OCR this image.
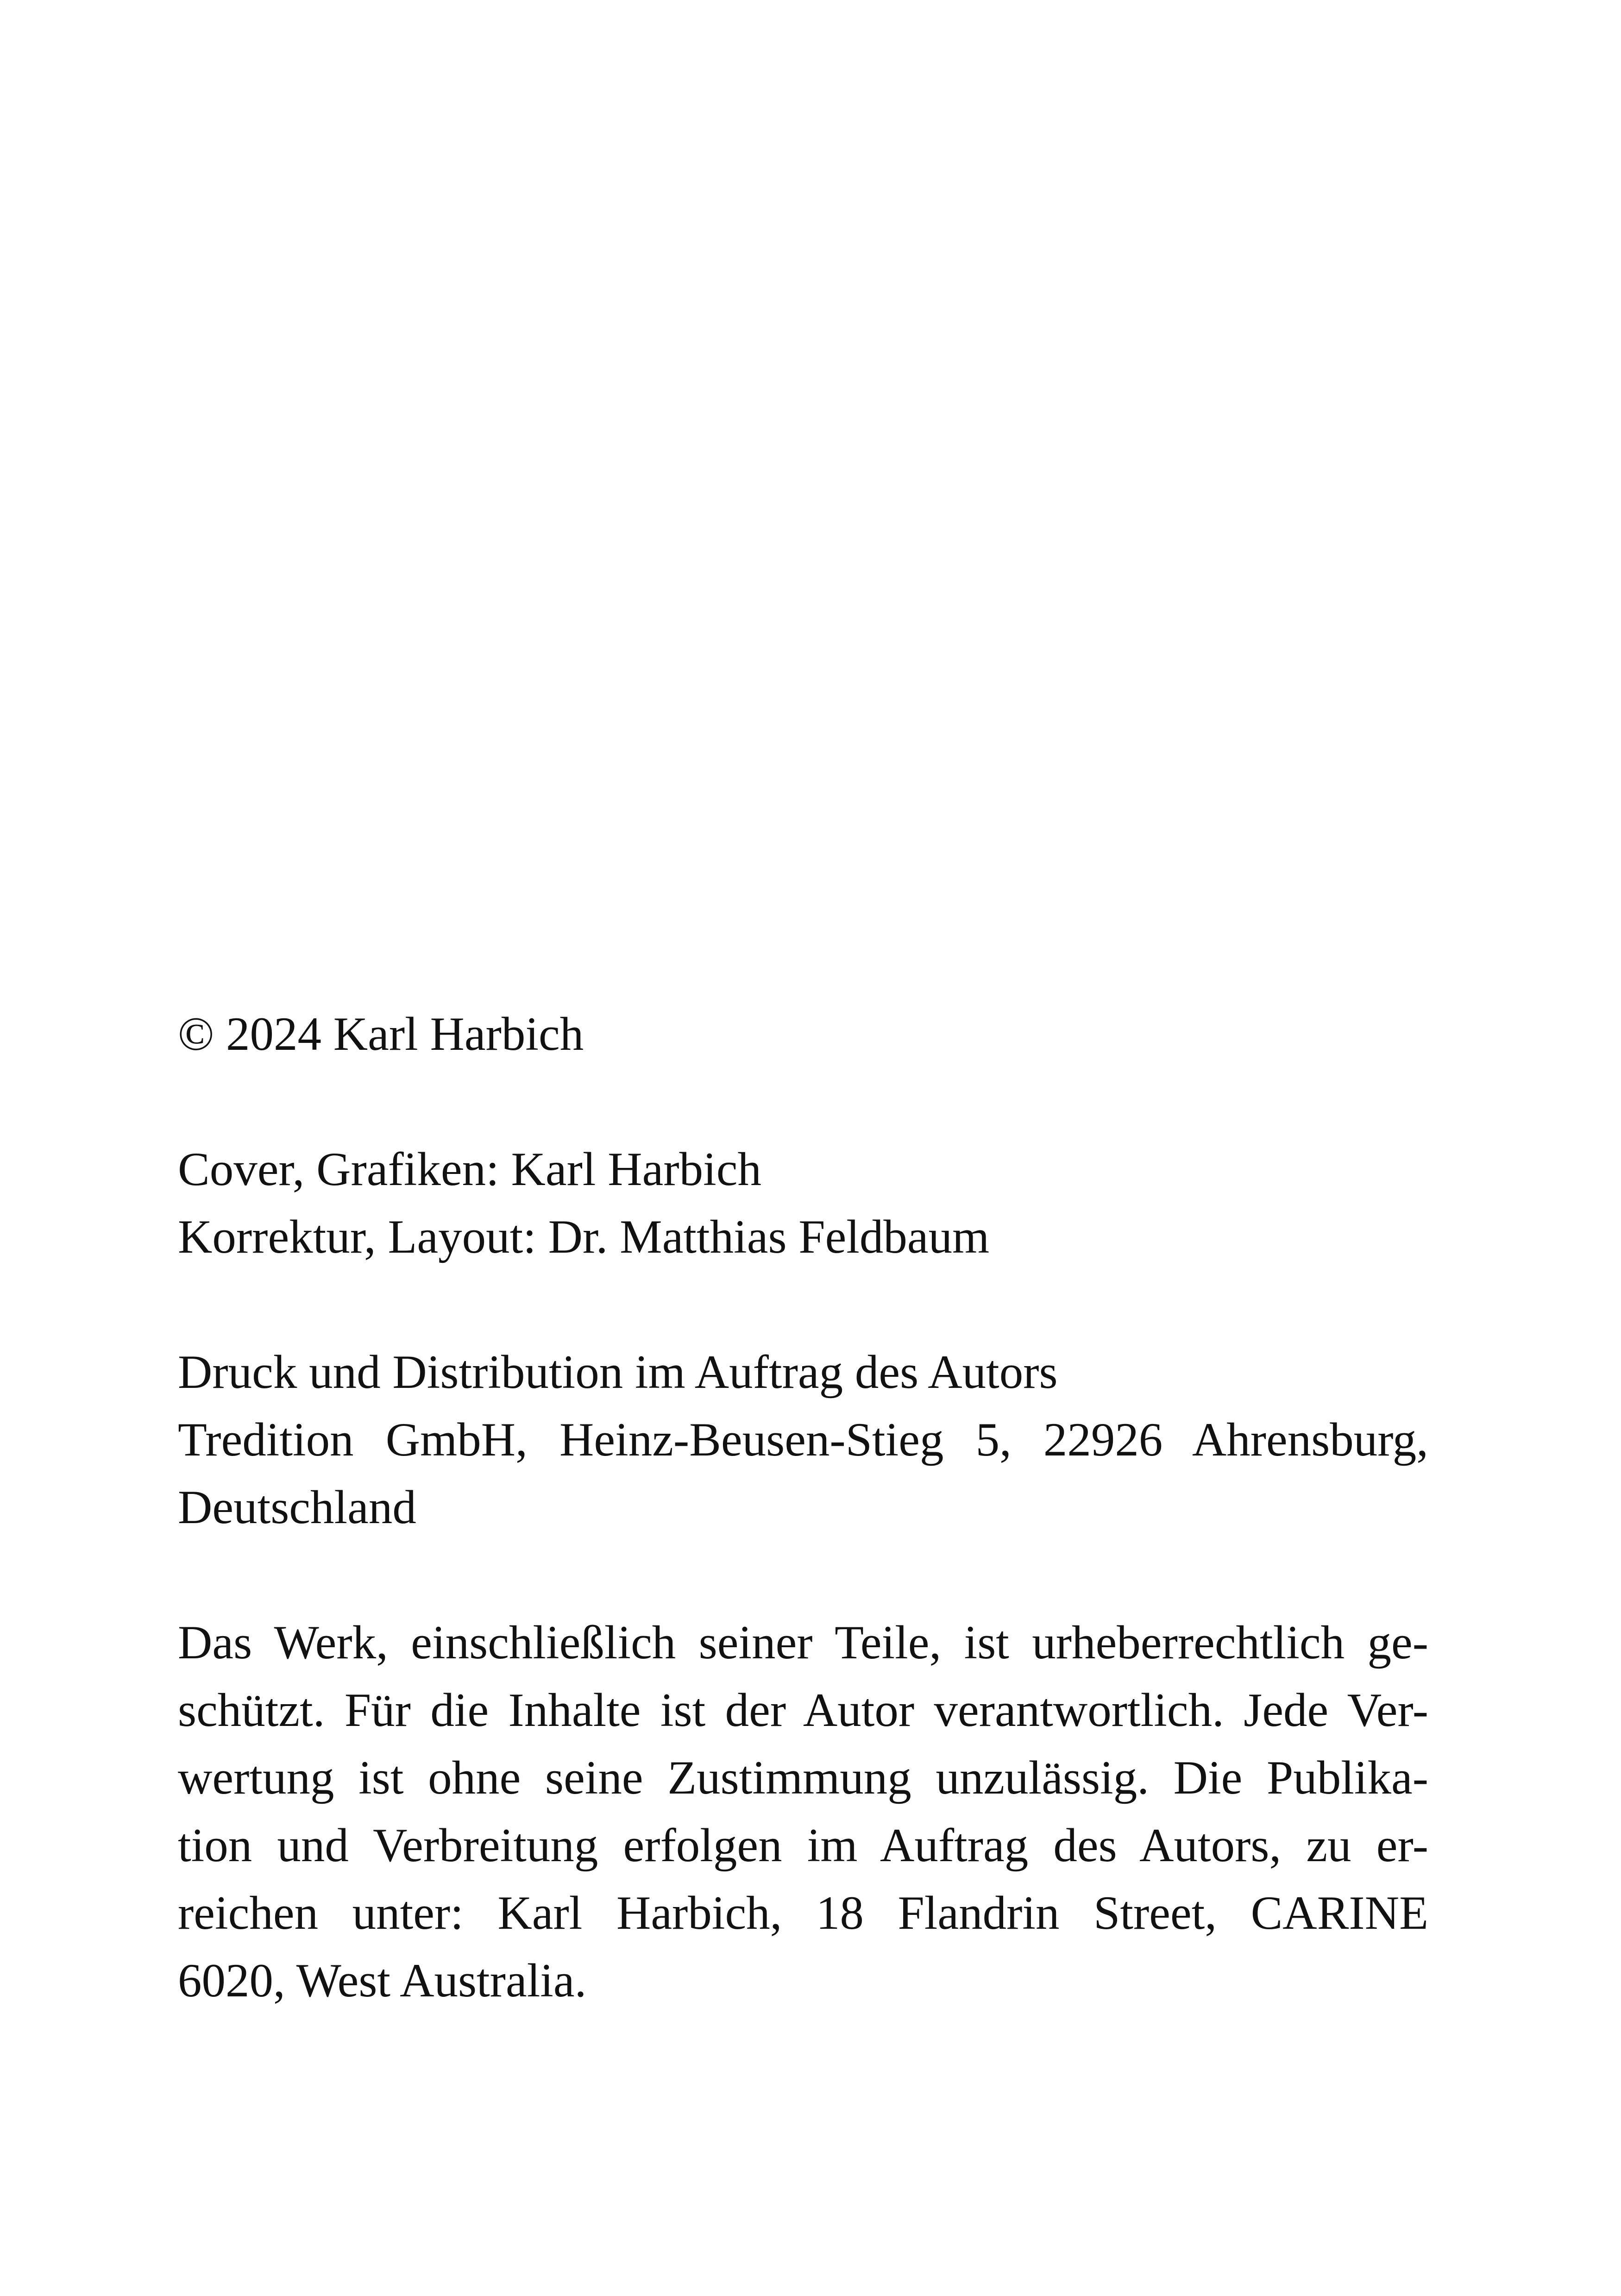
© 2024 Karl Harbich
Cover, Grafiken: Karl Harbich
Korrektur, Layout: Dr. Matthias Feldbaum
Druck und Distribution im Auftrag des Autors
Tredition GmbH, Heinz-Beusen-Stieg 5, 22926 Ahrensburg,
Deutschland
Das Werk, einschließlich seiner Teile, ist urheberrechtlich ge-
schützt. Für die Inhalte ist der Autor verantwortlich. Jede Ver-
wertung ist ohne seine Zustimmung unzulässig. Die Publika-
tion und Verbreitung erfolgen im Auftrag des Autors, zu er-
reichen unter: Karl Harbich, 18 Flandrin Street, CARINE
6020, West Australia.
